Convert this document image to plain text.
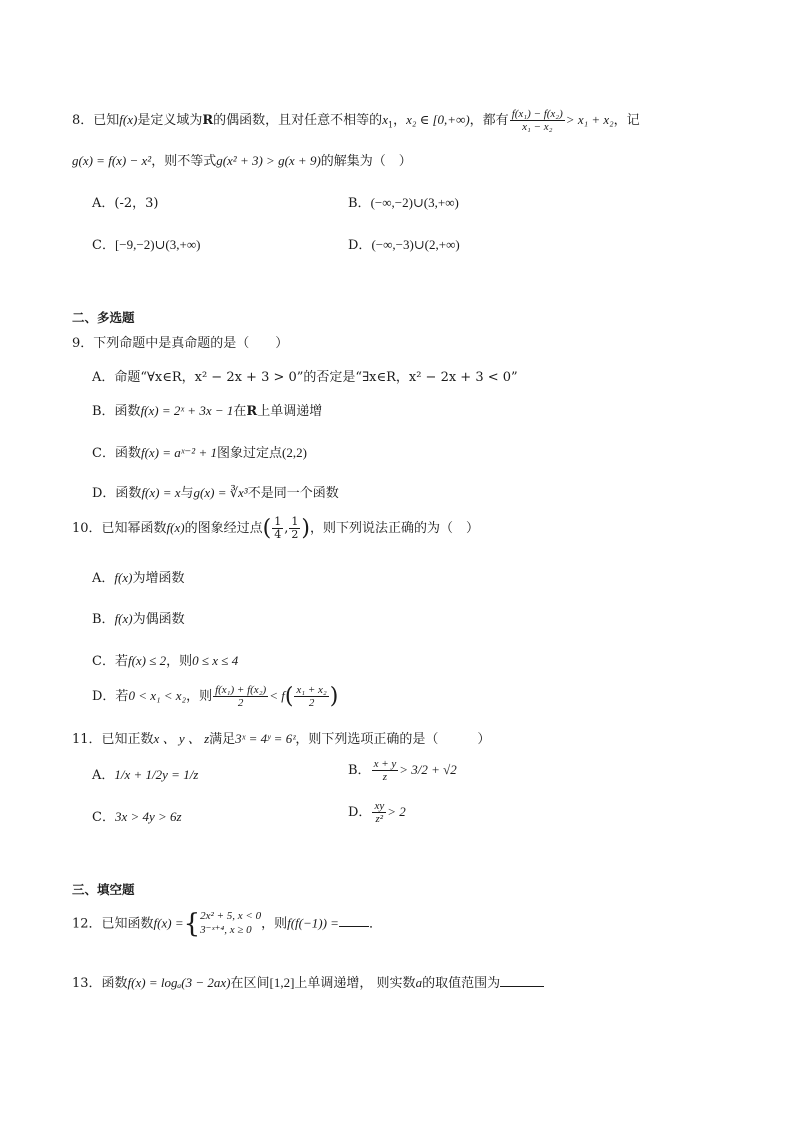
8．已知f(x)是定义域为R的偶函数，且对任意不相等的$x_1$，x₂ ∈ [0,+∞)，都有 $\frac{\text{f(x₁) − f(x₂)}}{\text{x₁ − x₂}} > x_1 + x_2$，记
g(x) = f(x) − x²，则不等式g(x² + 3) > g(x + 9)的解集为（　）
A．(-2，3)	B．(−∞,−2)∪(3,+∞)
C．[−9,−2)∪(3,+∞)	D．(−∞,−3)∪(2,+∞)
二、多选题
9．下列命题中是真命题的是（　　）
A．命题“∀x∈R，x² − 2x + 3 > 0”的否定是“∃x∈R，x² − 2x + 3 < 0”
B．函数f(x) = 2ˣ + 3x − 1在R上单调递增
C．函数f(x) = aˣ⁻² + 1图象过定点(2,2)
D．函数f(x) = x与g(x) = ∛x³不是同一个函数
10．已知幂函数f(x)的图象经过点( $\frac{1}{4}$ , $\frac{1}{2}$ )，则下列说法正确的为（　）
A．f(x)为增函数
B．f(x)为偶函数
C．若f(x) ≤ 2，则0 ≤ x ≤ 4
D．若0 < x₁ < x₂，则 $\frac{\text{f(x₁) + f(x₂)}}{2} < f( \frac{\text{x₁ + x₂}}{2}$ )
11．已知正数x 、 y 、 z满足3ˣ = 4ʸ = 6ᶻ，则下列选项正确的是（　　　）
A．1/x + 1/2y = 1/z	B． $\frac{x + y}{z} > 3/2 + √2$
C．3x > 4y > 6z	D． $\frac{xy}{\text{z²}} > 2$
三、填空题
12．已知函数f(x) ={ 2x² + 5, x < 0
3⁻ˣ⁺⁴, x ≥ 0 ，则f(f(−1)) = ．
13．函数f(x) = logₐ(3 − 2ax)在区间[1,2]上单调递增， 则实数a的取值范围为
